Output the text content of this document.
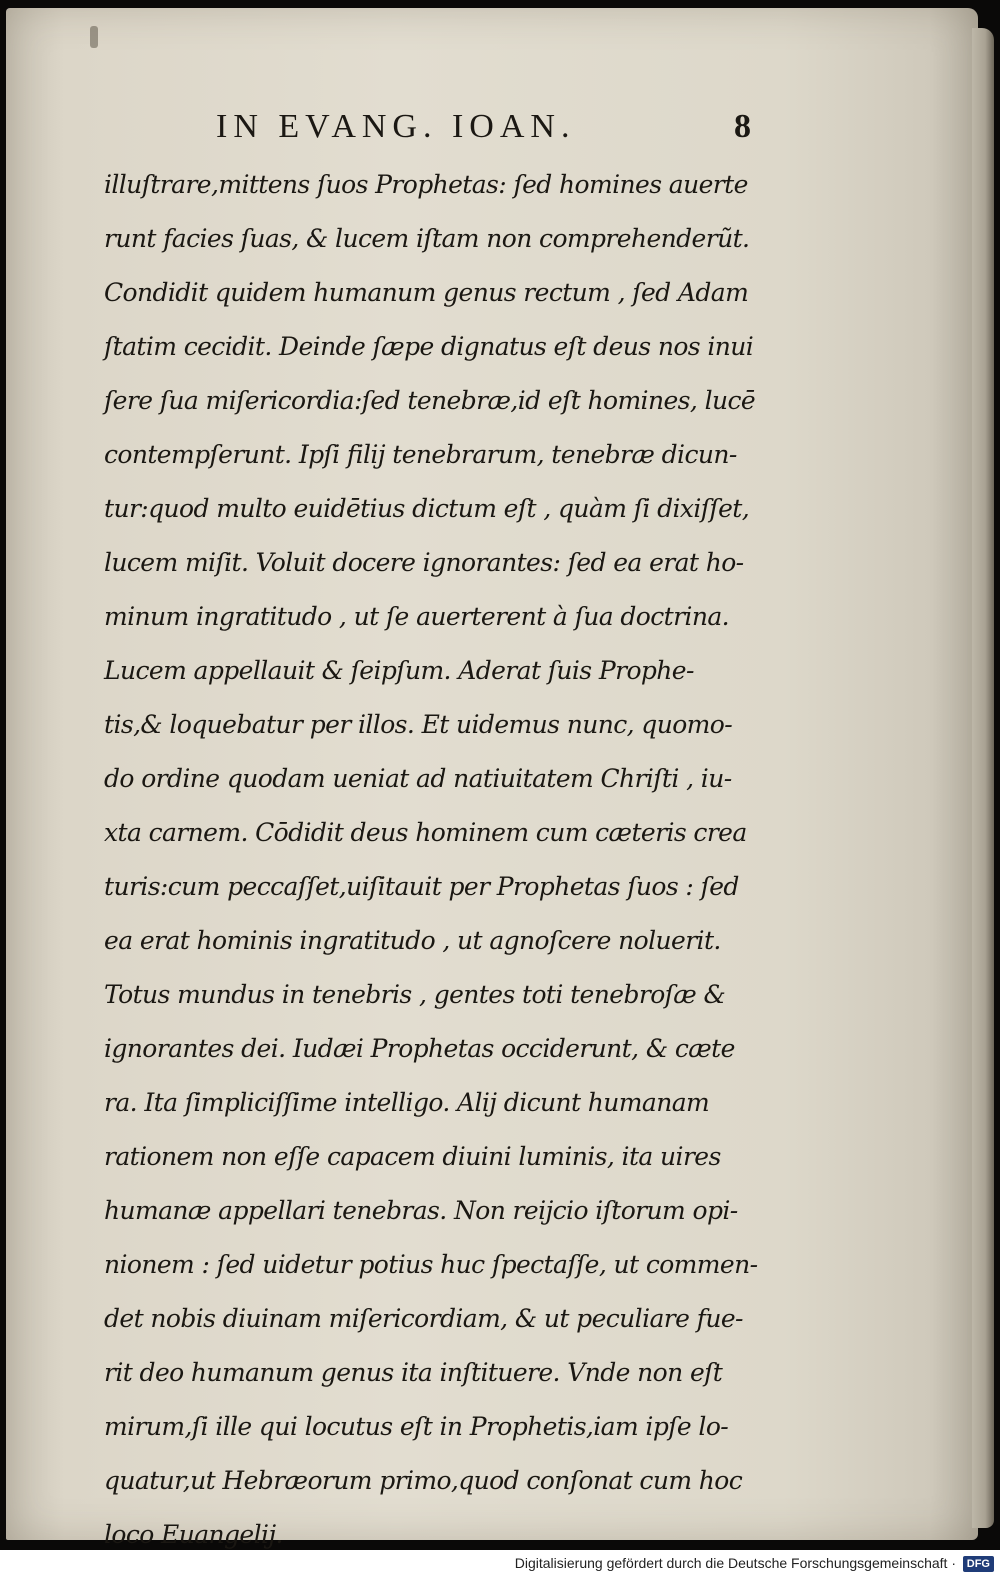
IN EVANG. IOAN.	8
illuſtrare,mittens ſuos Prophetas: ſed homines auerte
runt facies ſuas, & lucem iſtam non comprehenderũt.
Condidit quidem humanum genus rectum , ſed Adam
ſtatim cecidit. Deinde ſæpe dignatus eſt deus nos inui
ſere ſua miſericordia:ſed tenebræ,id eſt homines, lucē
contempſerunt. Ipſi filij tenebrarum, tenebræ dicun-
tur:quod multo euidētius dictum eſt , quàm ſi dixiſſet,
lucem miſit. Voluit docere ignorantes: ſed ea erat ho-
minum ingratitudo , ut ſe auerterent à ſua doctrina.
Lucem appellauit & ſeipſum. Aderat ſuis Prophe-
tis,& loquebatur per illos. Et uidemus nunc, quomo-
do ordine quodam ueniat ad natiuitatem Chriſti , iu-
xta carnem. Cōdidit deus hominem cum cæteris crea
turis:cum peccaſſet,uiſitauit per Prophetas ſuos : ſed
ea erat hominis ingratitudo , ut agnoſcere noluerit.
Totus mundus in tenebris , gentes toti tenebroſæ &
ignorantes dei. Iudæi Prophetas occiderunt, & cæte
ra. Ita ſimpliciſſime intelligo. Alij dicunt humanam
rationem non eſſe capacem diuini luminis, ita uires
humanæ appellari tenebras. Non reijcio iſtorum opi-
nionem : ſed uidetur potius huc ſpectaſſe, ut commen-
det nobis diuinam miſericordiam, & ut peculiare fue-
rit deo humanum genus ita inſtituere. Vnde non eſt
mirum,ſi ille qui locutus eſt in Prophetis,iam ipſe lo-
quatur,ut Hebræorum primo,quod conſonat cum hoc
loco Euangelij.
Digitalisierung gefördert durch die Deutsche Forschungsgemeinschaft · DFG
